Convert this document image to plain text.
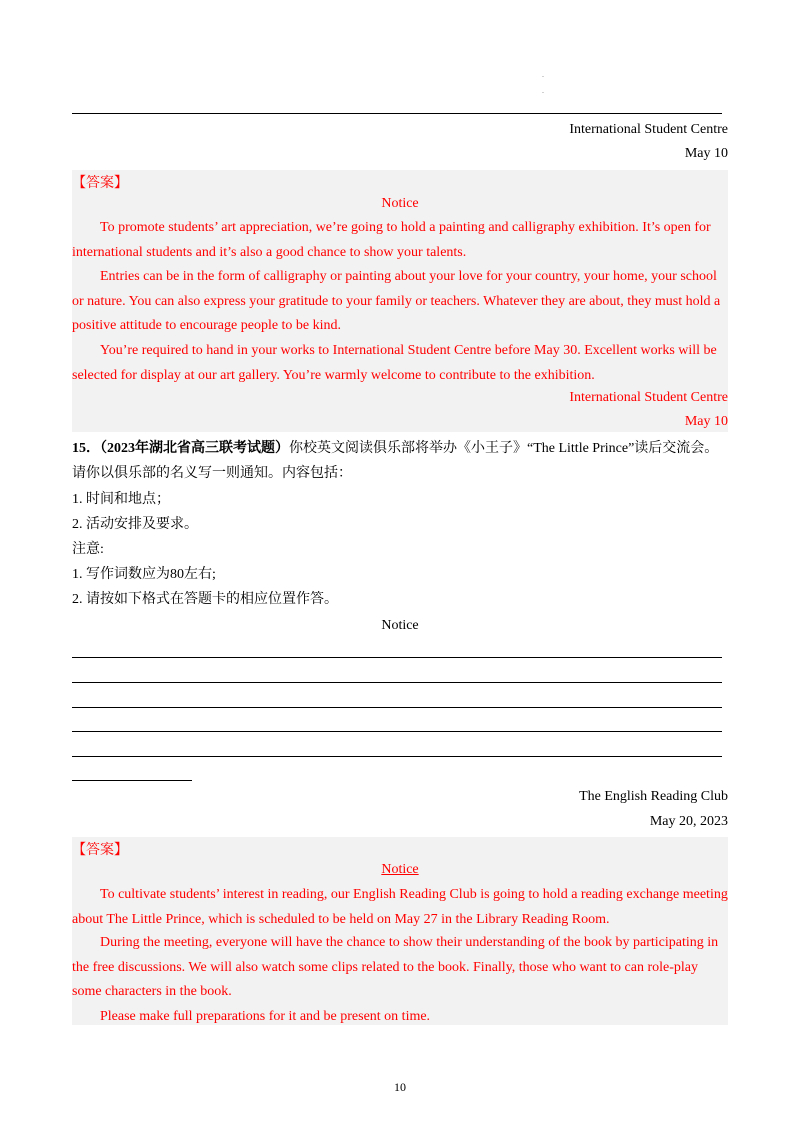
.
.
International Student Centre
May 10
【答案】
Notice
To promote students’ art appreciation, we’re going to hold a painting and calligraphy exhibition. It’s open for international students and it’s also a good chance to show your talents.
Entries can be in the form of calligraphy or painting about your love for your country, your home, your school or nature. You can also express your gratitude to your family or teachers. Whatever they are about, they must hold a positive attitude to encourage people to be kind.
You’re required to hand in your works to International Student Centre before May 30. Excellent works will be selected for display at our art gallery. You’re warmly welcome to contribute to the exhibition.
International Student Centre
May 10
15．（2023年湖北省高三联考试题）你校英文阅读俱乐部将举办《小王子》“The Little Prince”读后交流会。请你以俱乐部的名义写一则通知。内容包括：
1. 时间和地点；
2. 活动安排及要求。
注意:
1. 写作词数应为80左右;
2. 请按如下格式在答题卡的相应位置作答。
Notice
The English Reading Club
May 20, 2023
【答案】
Notice
To cultivate students’ interest in reading, our English Reading Club is going to hold a reading exchange meeting about The Little Prince, which is scheduled to be held on May 27 in the Library Reading Room.
During the meeting, everyone will have the chance to show their understanding of the book by participating in the free discussions. We will also watch some clips related to the book. Finally, those who want to can role-play some characters in the book.
Please make full preparations for it and be present on time.
10
